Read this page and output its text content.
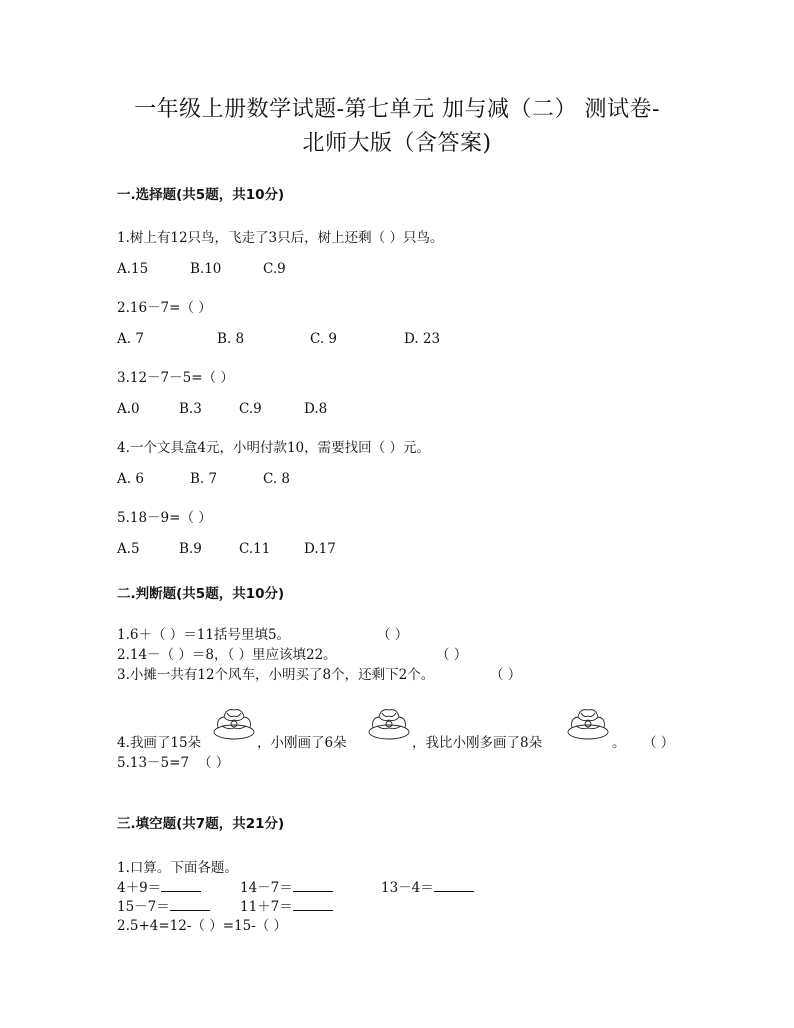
一年级上册数学试题-第七单元 加与减（二） 测试卷-
北师大版（含答案)
一.选择题(共5题，共10分)
1.树上有12只鸟，飞走了3只后，树上还剩（ ）只鸟。
A.15	B.10	C.9
2.16－7=（ ）
A. 7	B. 8	C. 9	D. 23
3.12－7－5=（ ）
A.0	B.3	C.9	D.8
4.一个文具盒4元，小明付款10，需要找回（ ）元。
A. 6	B. 7	C. 8
5.18－9=（ ）
A.5	B.9	C.11 D.17
二.判断题(共5题，共10分)
1.6＋（ ）＝11括号里填5。	（ ）
2.14－（ ）＝8，（ ）里应该填22。	（ ）
3.小摊一共有12个风车，小明买了8个，还剩下2个。	（ ）
4.我画了15朵	，小刚画了6朵	，我比小刚多画了8朵	。 （ ）
5.13－5=7 （ ）
三.填空题(共7题，共21分)
1.口算。下面各题。
4＋9＝	14－7＝	13－4＝
15－7＝	11＋7＝
2.5+4=12-（ ）=15-（ ）
